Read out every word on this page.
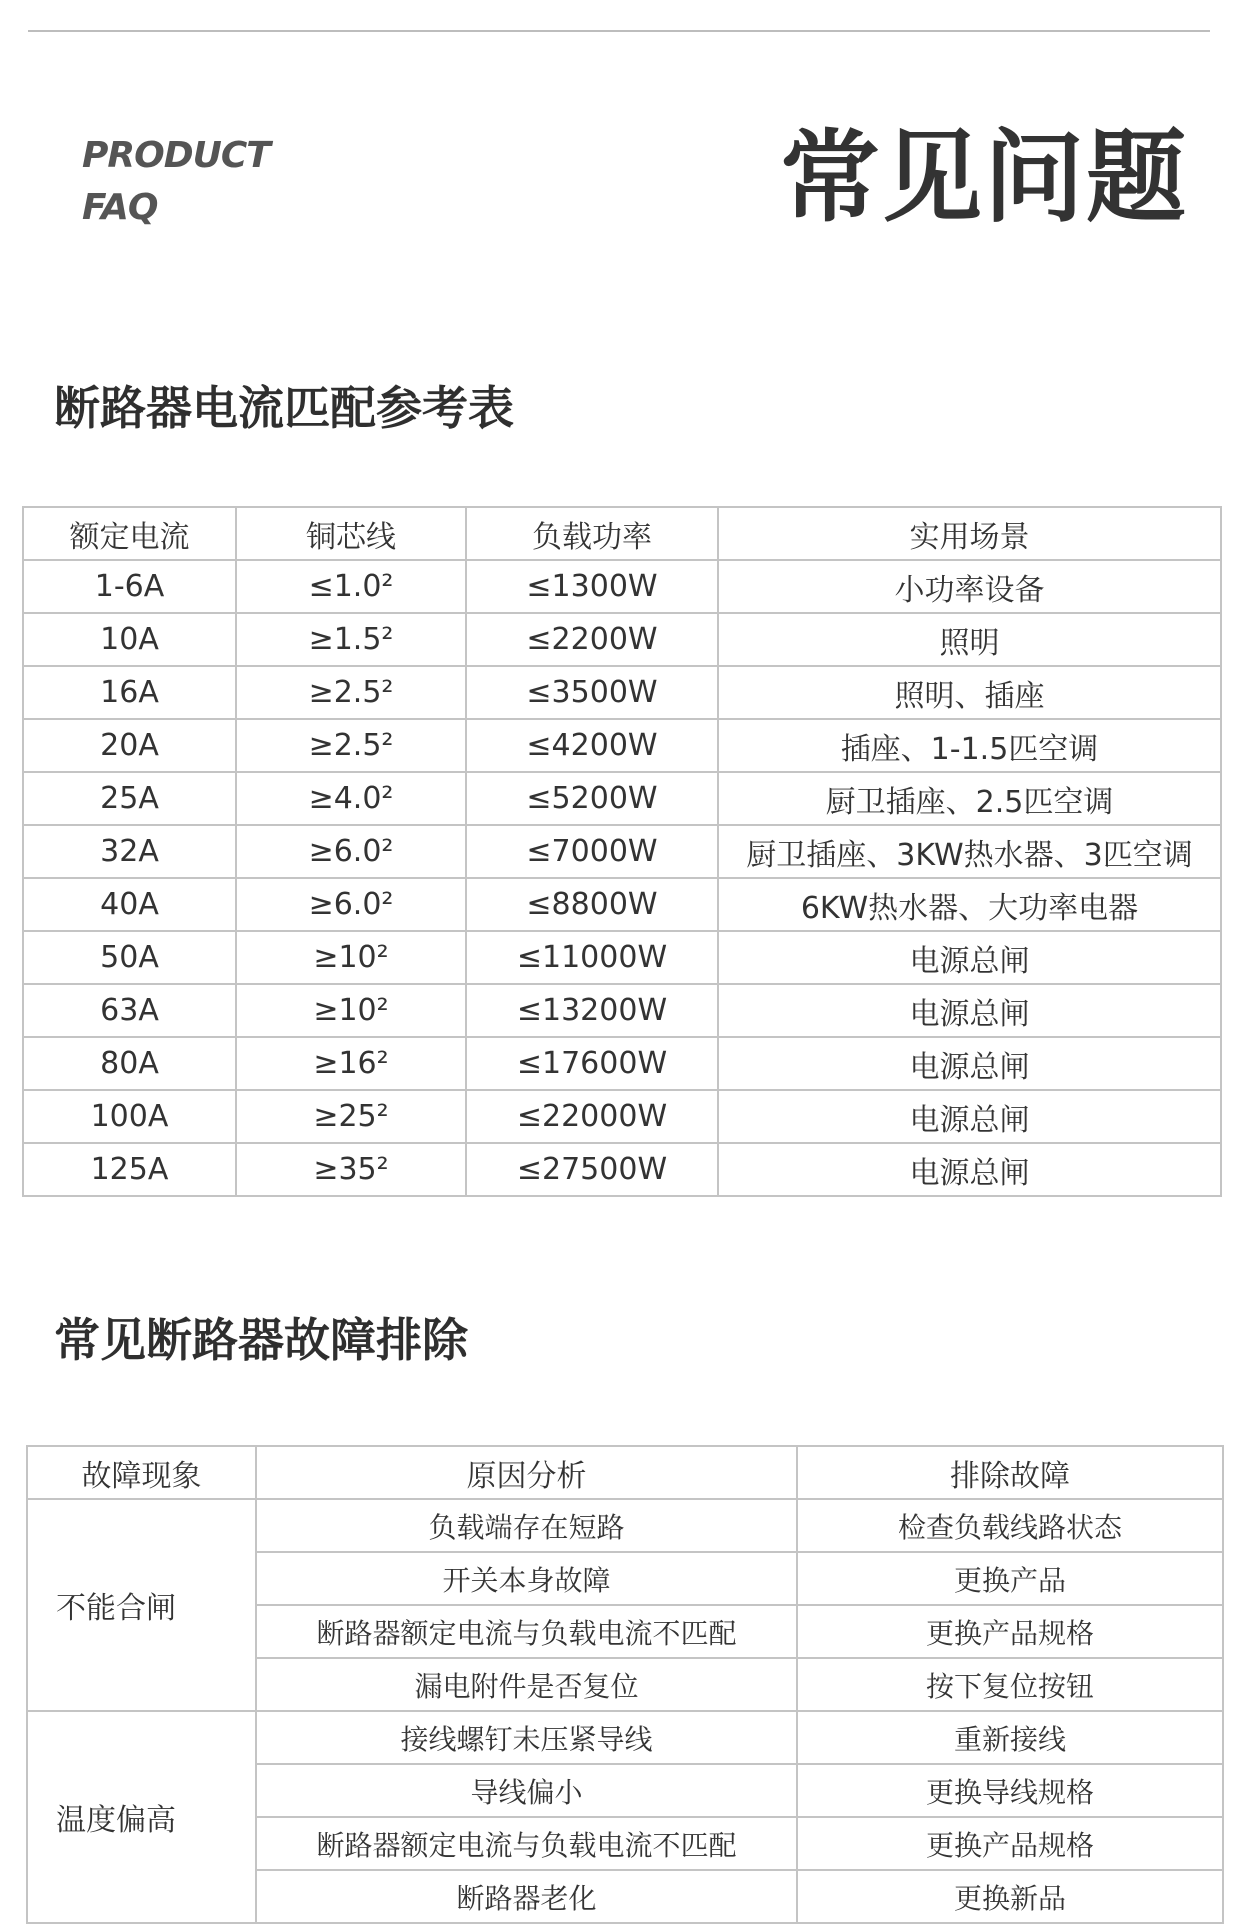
PRODUCT
FAQ	常见问题
断路器电流匹配参考表
额定电流	铜芯线	负载功率	实用场景
1-6A	≤1.0²	≤1300W	小功率设备
10A	≥1.5²	≤2200W	照明
16A	≥2.5²	≤3500W	照明、插座
20A	≥2.5²	≤4200W	插座、1-1.5匹空调
25A	≥4.0²	≤5200W	厨卫插座、2.5匹空调
32A	≥6.0²	≤7000W	厨卫插座、3KW热水器、3匹空调
40A	≥6.0²	≤8800W	6KW热水器、大功率电器
50A	≥10²	≤11000W	电源总闸
63A	≥10²	≤13200W	电源总闸
80A	≥16²	≤17600W	电源总闸
100A	≥25²	≤22000W	电源总闸
125A	≥35²	≤27500W	电源总闸
常见断路器故障排除
故障现象	原因分析	排除故障
不能合闸	负载端存在短路	检查负载线路状态
	开关本身故障	更换产品
	断路器额定电流与负载电流不匹配	更换产品规格
	漏电附件是否复位	按下复位按钮
温度偏高	接线螺钉未压紧导线	重新接线
	导线偏小	更换导线规格
	断路器额定电流与负载电流不匹配	更换产品规格
	断路器老化	更换新品
